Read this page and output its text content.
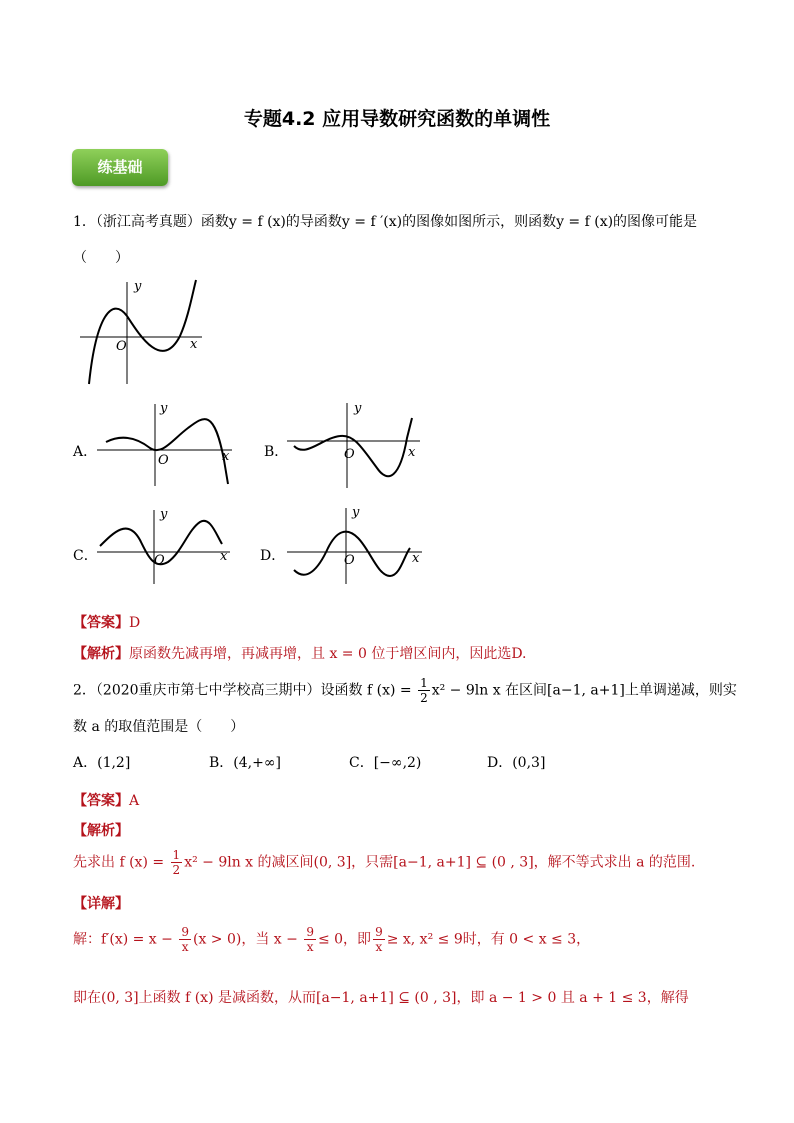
专题4.2 应用导数研究函数的单调性
练基础
1．（浙江高考真题）函数y = f (x)的导函数y = f ′(x)的图像如图所示，则函数y = f (x)的图像可能是
（　　）
y
x
O
A．
y
x
O
B．
y
x
O
C．
y
x
O	D．
y
x
O
【答案】D
【解析】原函数先减再增，再减再增，且 x = 0 位于增区间内，因此选D.
2．（2020重庆市第七中学校高三期中）设函数 f $(x) = \frac{1}{2} x^2 - 9\ln$ x 在区间[a−1, a+1]上单调递减，则实
数 a 的取值范围是（　　）
A．(1,2]	B．(4,+∞]	C．[−∞,2)	D．(0,3]
【答案】A
【解析】
先求出 f $(x) = \frac{1}{2} x^2 - 9\ln$ x 的减区间(0, 3]，只需[a−1, a+1] ⊆ (0 , 3]，解不等式求出 a 的范围.
【详解】
解：$f'(x) = x - \frac{9}{x} (x > 0)$，当 $x - \frac{9}{x} \le 0$，即 $\frac{9}{x} \ge x$, x² ≤ 9时，有 0 < x ≤ 3，
即在(0, 3]上函数 f (x) 是减函数，从而[a−1, a+1] ⊆ (0 , 3]，即 a − 1 > 0 且 a + 1 ≤ 3，解得
